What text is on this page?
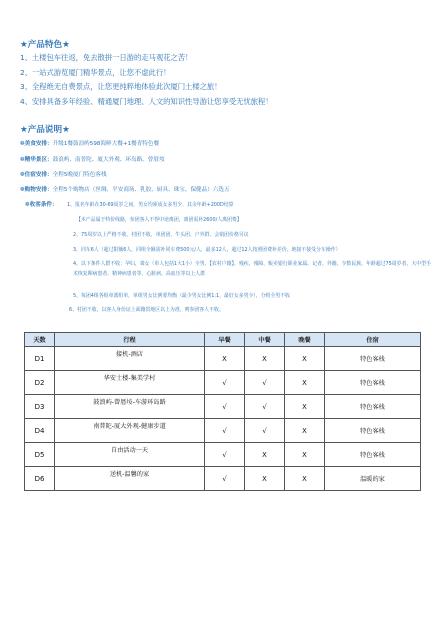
★产品特色★
1、土楼包车往返，免去散拼一日游的走马观花之苦！
2、一站式游览厦门精华景点，让您不虚此行！
3、全程绝无自费景点，让您更纯粹地体验此次厦门土楼之旅！
4、安排具备多年经验、精通厦门地理、人文的知识性导游让您享受无忧旅程！
★产品说明★
❁美食安排：升级1餐鼓浪屿598海鲜大餐+1餐青特色餐
❁精华景区：鼓浪屿、南普陀、厦大外观、环岛路、曾厝垵
❁住宿安排：全程5晚厦门特色客栈
❁购物安排：全程5个购物店（丝绸、平安商场、乳胶、厨具、珠宝、保健品）六选五
❁收客条件： 1、报名年龄在30-69周岁之间，男女均须成女多男少，其余年龄+200D结算
【本产品属于特价线路，参团客人不得中途离团，离团需补2600/人离团费】
2、75周岁以上严格不收，村团不收，单团团、牛头团、户外群、会销团价格另议
3、同车6人（超过限额6人，同组全额需补同车费500元/人，最多12人，超过12人按照团费补差价，地接不接受分车操作）
4、以下条件人群不收：孕妇、聋女（单人包括1大1小）全男、【农村户籍】、残疾、残障、贩卖银行职业家属、记者、外籍、少数民族、年龄超过75周岁者、大中型手术恢复期病患者、精神病患者等，心脏病、高血压等以上人群
5、每团4组各组单派组单，单组男女比例要均衡（最少男女比例1:1，最好女多男少），分组全男不收
6、村团不收，以客人身份证上面籍贯地区以上为准，则参团客人不收。
天数	行程	早餐	中餐	晚餐	住宿
D1	接机-酒店	X	X	X	特色客栈
D2	华安土楼-集美学村	√	√	X	特色客栈
D3	鼓浪屿-曾厝垵-车游环岛路	√	√	X	特色客栈
D4	南普陀-厦大外观-健康步道	√	√	X	特色客栈
D5	自由活动一天	√	X	X	特色客栈
D6	送机-温馨的家	√	X	X	温暖的家
